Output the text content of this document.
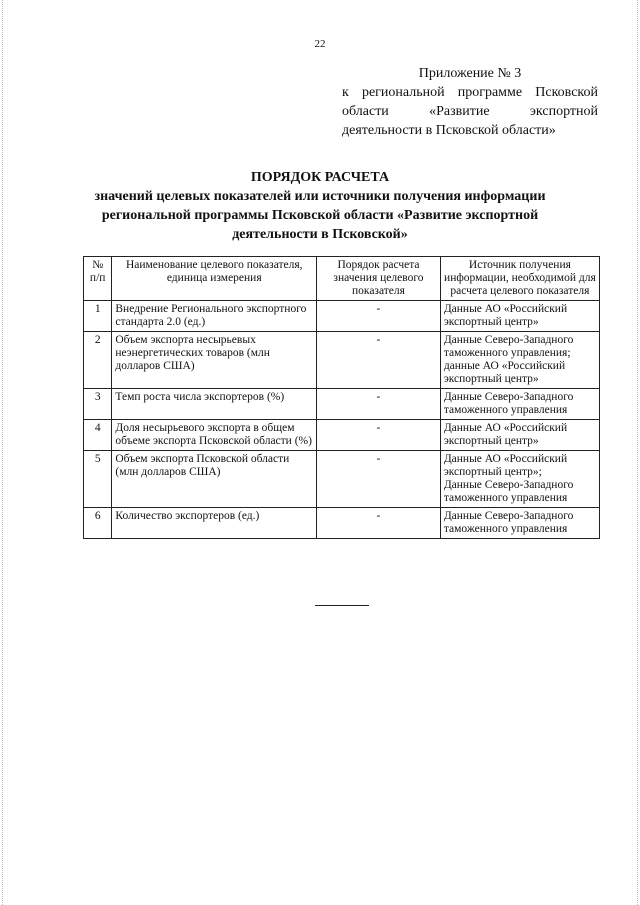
22
Приложение № 3
к региональной программе Псковской
области «Развитие экспортной
деятельности в Псковской области»
ПОРЯДОК РАСЧЕТА
значений целевых показателей или источники получения информации
региональной программы Псковской области «Развитие экспортной
деятельности в Псковской»
№ п/п	Наименование целевого показателя, единица измерения	Порядок расчета значения целевого показателя	Источник получения информации, необходимой для расчета целевого показателя
1	Внедрение Регионального экспортного стандарта 2.0 (ед.)	-	Данные АО «Российский экспортный центр»

2	Объем экспорта несырьевых неэнергетических товаров (млн долларов США)	-	Данные Северо-Западного таможенного управления;
данные АО «Российский экспортный центр»

3	Темп роста числа экспортеров (%)	-	Данные Северо-Западного таможенного управления

4	Доля несырьевого экспорта в общем объеме экспорта Псковской области (%)	-	Данные АО «Российский экспортный центр»

5	Объем экспорта Псковской области (млн долларов США)	-	Данные АО «Российский экспортный центр»;
Данные Северо-Западного таможенного управления

6	Количество экспортеров (ед.)	-	Данные Северо-Западного таможенного управления
